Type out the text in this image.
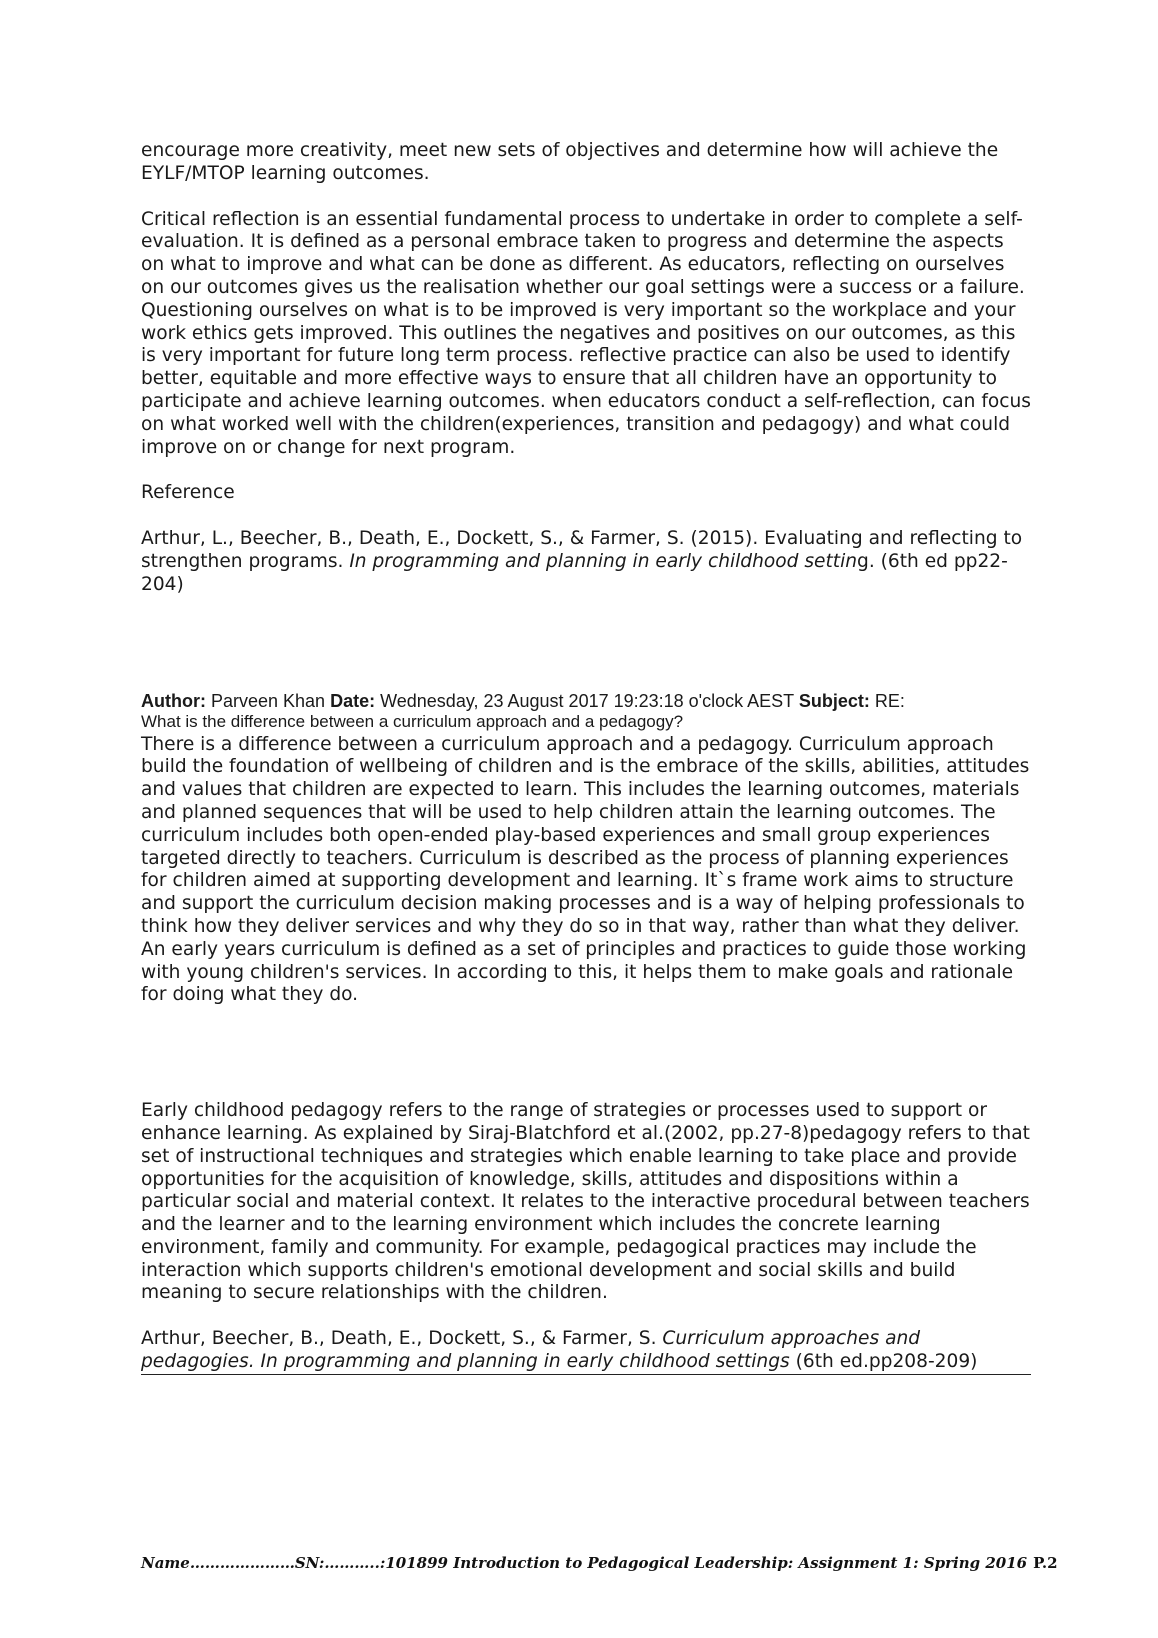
encourage more creativity, meet new sets of objectives and determine how will achieve the EYLF/MTOP learning outcomes.

Critical reflection is an essential fundamental process to undertake in order to complete a self-evaluation. It is defined as a personal embrace taken to progress and determine the aspects on what to improve and what can be done as different. As educators, reflecting on ourselves on our outcomes gives us the realisation whether our goal settings were a success or a failure. Questioning ourselves on what is to be improved is very important so the workplace and your work ethics gets improved. This outlines the negatives and positives on our outcomes, as this is very important for future long term process. reflective practice can also be used to identify better, equitable and more effective ways to ensure that all children have an opportunity to participate and achieve learning outcomes. when educators conduct a self-reflection, can focus on what worked well with the children(experiences, transition and pedagogy) and what could improve on or change for next program.

Reference

Arthur, L., Beecher, B., Death, E., Dockett, S., & Farmer, S. (2015). Evaluating and reflecting to strengthen programs. In programming and planning in early childhood setting. (6th ed pp22-204)

Author: Parveen Khan Date: Wednesday, 23 August 2017 19:23:18 o'clock AEST Subject: RE:

What is the difference between a curriculum approach and a pedagogy?

There is a difference between a curriculum approach and a pedagogy. Curriculum approach build the foundation of wellbeing of children and is the embrace of the skills, abilities, attitudes and values that children are expected to learn. This includes the learning outcomes, materials and planned sequences that will be used to help children attain the learning outcomes. The curriculum includes both open-ended play-based experiences and small group experiences targeted directly to teachers. Curriculum is described as the process of planning experiences for children aimed at supporting development and learning. It`s frame work aims to structure and support the curriculum decision making processes and is a way of helping professionals to think how they deliver services and why they do so in that way, rather than what they deliver. An early years curriculum is defined as a set of principles and practices to guide those working with young children's services. In according to this, it helps them to make goals and rationale for doing what they do.

Early childhood pedagogy refers to the range of strategies or processes used to support or enhance learning. As explained by Siraj-Blatchford et al.(2002, pp.27-8)pedagogy refers to that set of instructional techniques and strategies which enable learning to take place and provide opportunities for the acquisition of knowledge, skills, attitudes and dispositions within a particular social and material context. It relates to the interactive procedural between teachers and the learner and to the learning environment which includes the concrete learning environment, family and community. For example, pedagogical practices may include the interaction which supports children's emotional development and social skills and build meaning to secure relationships with the children.

Arthur, Beecher, B., Death, E., Dockett, S., & Farmer, S. Curriculum approaches and pedagogies. In programming and planning in early childhood settings (6th ed.pp208-209)

Name…………………SN:………..:101899 Introduction to Pedagogical Leadership: Assignment 1: Spring 2016 P.2
